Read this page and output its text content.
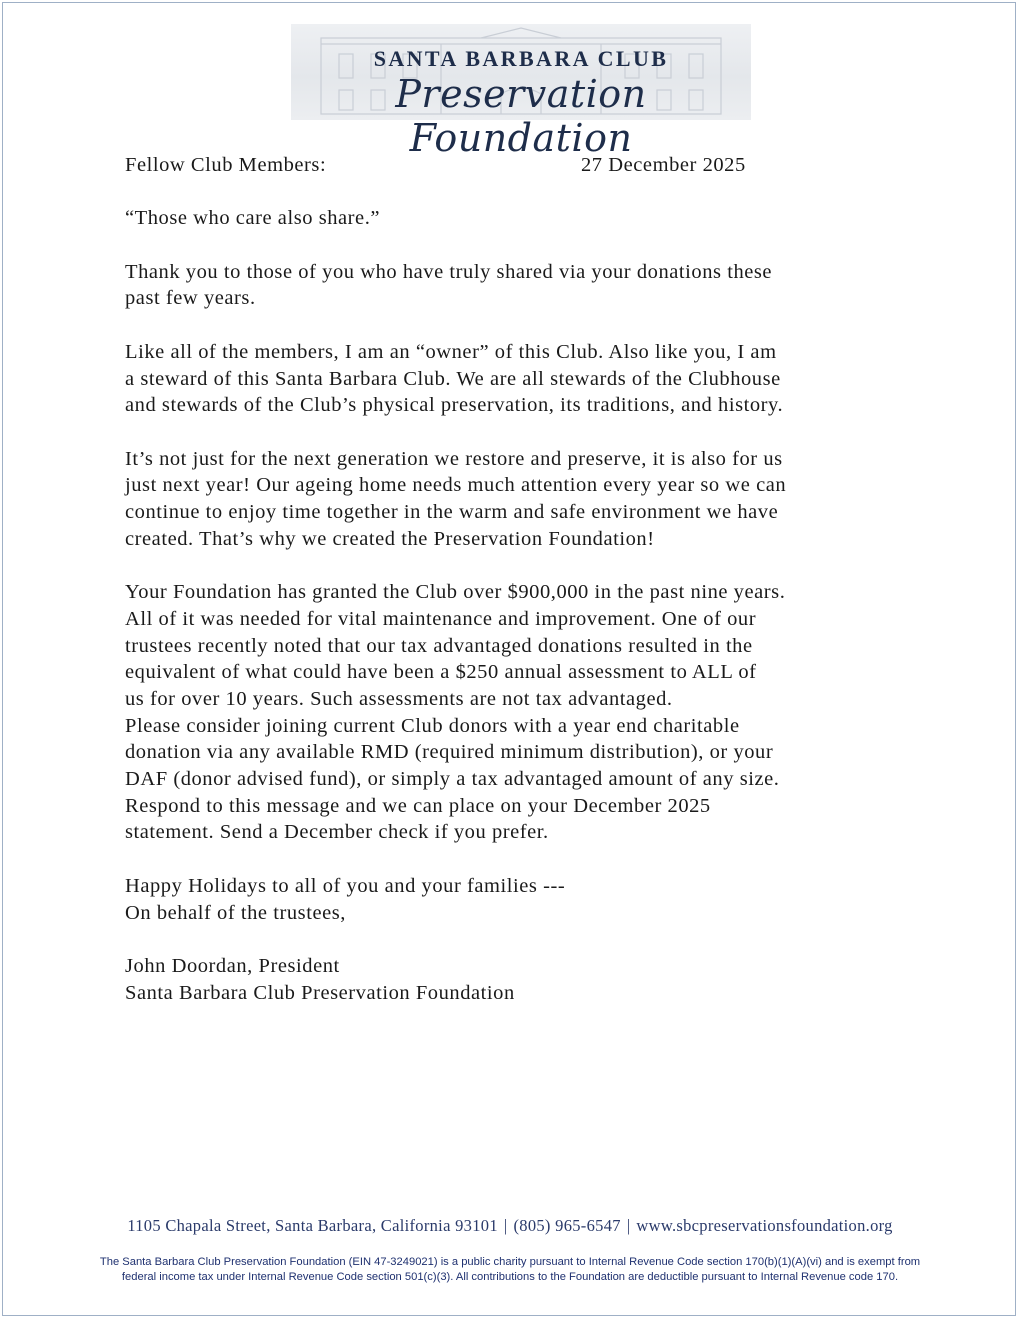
SANTA BARBARA CLUB
Preservation Foundation
Fellow Club Members:	27 December 2025

“Those who care also share.”

Thank you to those of you who have truly shared via your donations these
past few years.

Like all of the members, I am an “owner” of this Club. Also like you, I am
a steward of this Santa Barbara Club. We are all stewards of the Clubhouse
and stewards of the Club’s physical preservation, its traditions, and history.

It’s not just for the next generation we restore and preserve, it is also for us
just next year! Our ageing home needs much attention every year so we can
continue to enjoy time together in the warm and safe environment we have
created. That’s why we created the Preservation Foundation!

Your Foundation has granted the Club over $900,000 in the past nine years.
All of it was needed for vital maintenance and improvement. One of our
trustees recently noted that our tax advantaged donations resulted in the
equivalent of what could have been a $250 annual assessment to ALL of
us for over 10 years. Such assessments are not tax advantaged.
Please consider joining current Club donors with a year end charitable
donation via any available RMD (required minimum distribution), or your
DAF (donor advised fund), or simply a tax advantaged amount of any size.
Respond to this message and we can place on your December 2025
statement. Send a December check if you prefer.

Happy Holidays to all of you and your families ---
On behalf of the trustees,

John Doordan, President
Santa Barbara Club Preservation Foundation

1105 Chapala Street, Santa Barbara, California 93101 | (805) 965-6547 | www.sbcpreservationsfoundation.org
The Santa Barbara Club Preservation Foundation (EIN 47-3249021) is a public charity pursuant to Internal Revenue Code section 170(b)(1)(A)(vi) and is exempt from
federal income tax under Internal Revenue Code section 501(c)(3). All contributions to the Foundation are deductible pursuant to Internal Revenue code 170.
